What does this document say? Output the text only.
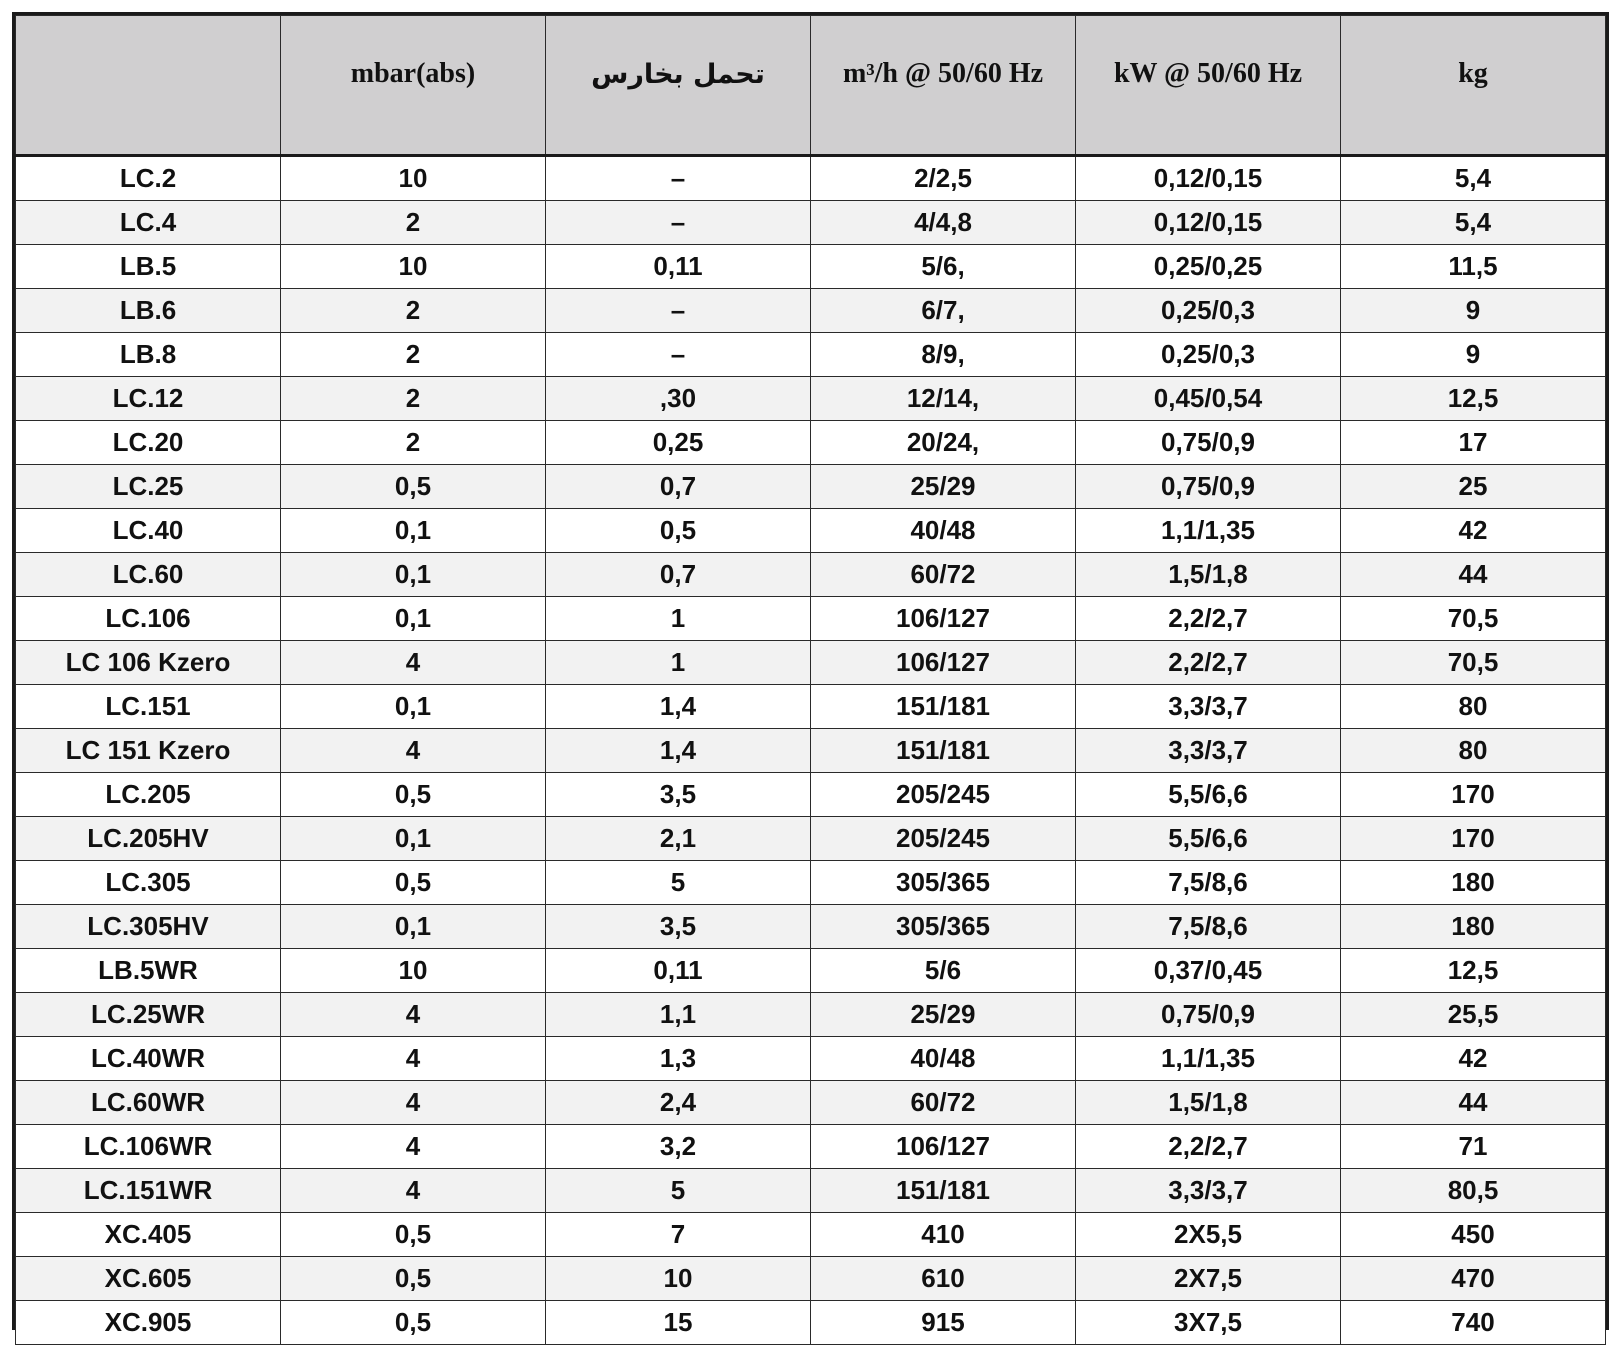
	mbar(abs)	تحمل بخارس	m³/h @ 50/60 Hz	kW @ 50/60 Hz	kg
LC.2	10	–	2/2,5	0,12/0,15	5,4
LC.4	2	–	4/4,8	0,12/0,15	5,4
LB.5	10	0,11	5/6,	0,25/0,25	11,5
LB.6	2	–	6/7,	0,25/0,3	9
LB.8	2	–	8/9,	0,25/0,3	9
LC.12	2	,30	12/14,	0,45/0,54	12,5
LC.20	2	0,25	20/24,	0,75/0,9	17
LC.25	0,5	0,7	25/29	0,75/0,9	25
LC.40	0,1	0,5	40/48	1,1/1,35	42
LC.60	0,1	0,7	60/72	1,5/1,8	44
LC.106	0,1	1	106/127	2,2/2,7	70,5
LC 106 Kzero	4	1	106/127	2,2/2,7	70,5
LC.151	0,1	1,4	151/181	3,3/3,7	80
LC 151 Kzero	4	1,4	151/181	3,3/3,7	80
LC.205	0,5	3,5	205/245	5,5/6,6	170
LC.205HV	0,1	2,1	205/245	5,5/6,6	170
LC.305	0,5	5	305/365	7,5/8,6	180
LC.305HV	0,1	3,5	305/365	7,5/8,6	180
LB.5WR	10	0,11	5/6	0,37/0,45	12,5
LC.25WR	4	1,1	25/29	0,75/0,9	25,5
LC.40WR	4	1,3	40/48	1,1/1,35	42
LC.60WR	4	2,4	60/72	1,5/1,8	44
LC.106WR	4	3,2	106/127	2,2/2,7	71
LC.151WR	4	5	151/181	3,3/3,7	80,5
XC.405	0,5	7	410	2X5,5	450
XC.605	0,5	10	610	2X7,5	470
XC.905	0,5	15	915	3X7,5	740
